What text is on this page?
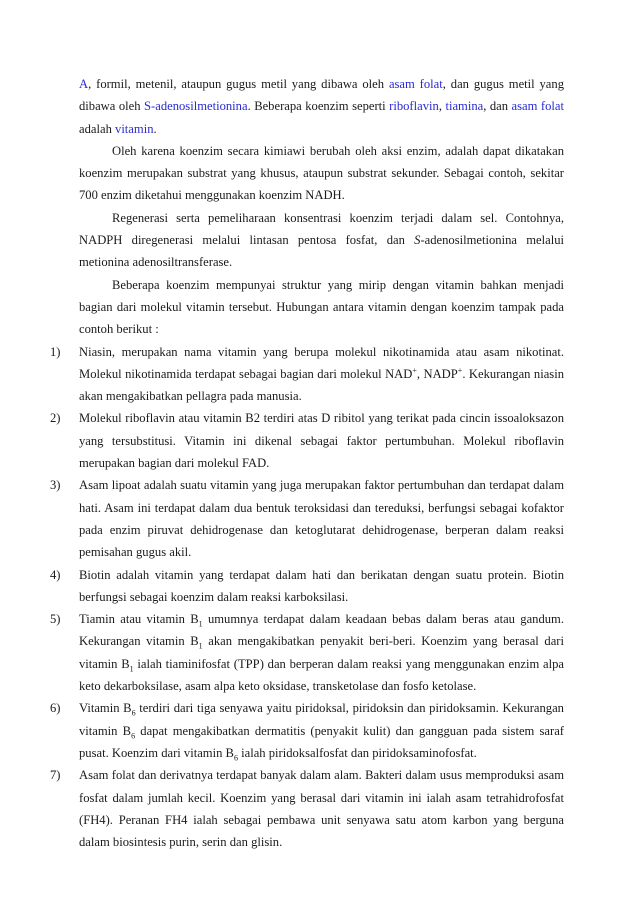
A, formil, metenil, ataupun gugus metil yang dibawa oleh asam folat, dan gugus metil yang dibawa oleh S-adenosilmetionina. Beberapa koenzim seperti riboflavin, tiamina, dan asam folat adalah vitamin.

Oleh karena koenzim secara kimiawi berubah oleh aksi enzim, adalah dapat dikatakan koenzim merupakan substrat yang khusus, ataupun substrat sekunder. Sebagai contoh, sekitar 700 enzim diketahui menggunakan koenzim NADH.

Regenerasi serta pemeliharaan konsentrasi koenzim terjadi dalam sel. Contohnya, NADPH diregenerasi melalui lintasan pentosa fosfat, dan S-adenosilmetionina melalui metionina adenosiltransferase.

Beberapa koenzim mempunyai struktur yang mirip dengan vitamin bahkan menjadi bagian dari molekul vitamin tersebut. Hubungan antara vitamin dengan koenzim tampak pada contoh berikut :

1) Niasin, merupakan nama vitamin yang berupa molekul nikotinamida atau asam nikotinat. Molekul nikotinamida terdapat sebagai bagian dari molekul NAD+, NADP+. Kekurangan niasin akan mengakibatkan pellagra pada manusia.
2) Molekul riboflavin atau vitamin B2 terdiri atas D ribitol yang terikat pada cincin issoaloksazon yang tersubstitusi. Vitamin ini dikenal sebagai faktor pertumbuhan. Molekul riboflavin merupakan bagian dari molekul FAD.
3) Asam lipoat adalah suatu vitamin yang juga merupakan faktor pertumbuhan dan terdapat dalam hati. Asam ini terdapat dalam dua bentuk teroksidasi dan tereduksi, berfungsi sebagai kofaktor pada enzim piruvat dehidrogenase dan ketoglutarat dehidrogenase, berperan dalam reaksi pemisahan gugus akil.
4) Biotin adalah vitamin yang terdapat dalam hati dan berikatan dengan suatu protein. Biotin berfungsi sebagai koenzim dalam reaksi karboksilasi.
5) Tiamin atau vitamin $B_1$ umumnya terdapat dalam keadaan bebas dalam beras atau gandum. Kekurangan vitamin $B_1$ akan mengakibatkan penyakit beri-beri. Koenzim yang berasal dari vitamin $B_1$ ialah tiaminifosfat (TPP) dan berperan dalam reaksi yang menggunakan enzim alpa keto dekarboksilase, asam alpa keto oksidase, transketolase dan fosfo ketolase.
6) Vitamin $B_6$ terdiri dari tiga senyawa yaitu piridoksal, piridoksin dan piridoksamin. Kekurangan vitamin $B_6$ dapat mengakibatkan dermatitis (penyakit kulit) dan gangguan pada sistem saraf pusat. Koenzim dari vitamin $B_6$ ialah piridoksalfosfat dan piridoksaminofosfat.
7) Asam folat dan derivatnya terdapat banyak dalam alam. Bakteri dalam usus memproduksi asam fosfat dalam jumlah kecil. Koenzim yang berasal dari vitamin ini ialah asam tetrahidrofosfat (FH4). Peranan FH4 ialah sebagai pembawa unit senyawa satu atom karbon yang berguna dalam biosintesis purin, serin dan glisin.
